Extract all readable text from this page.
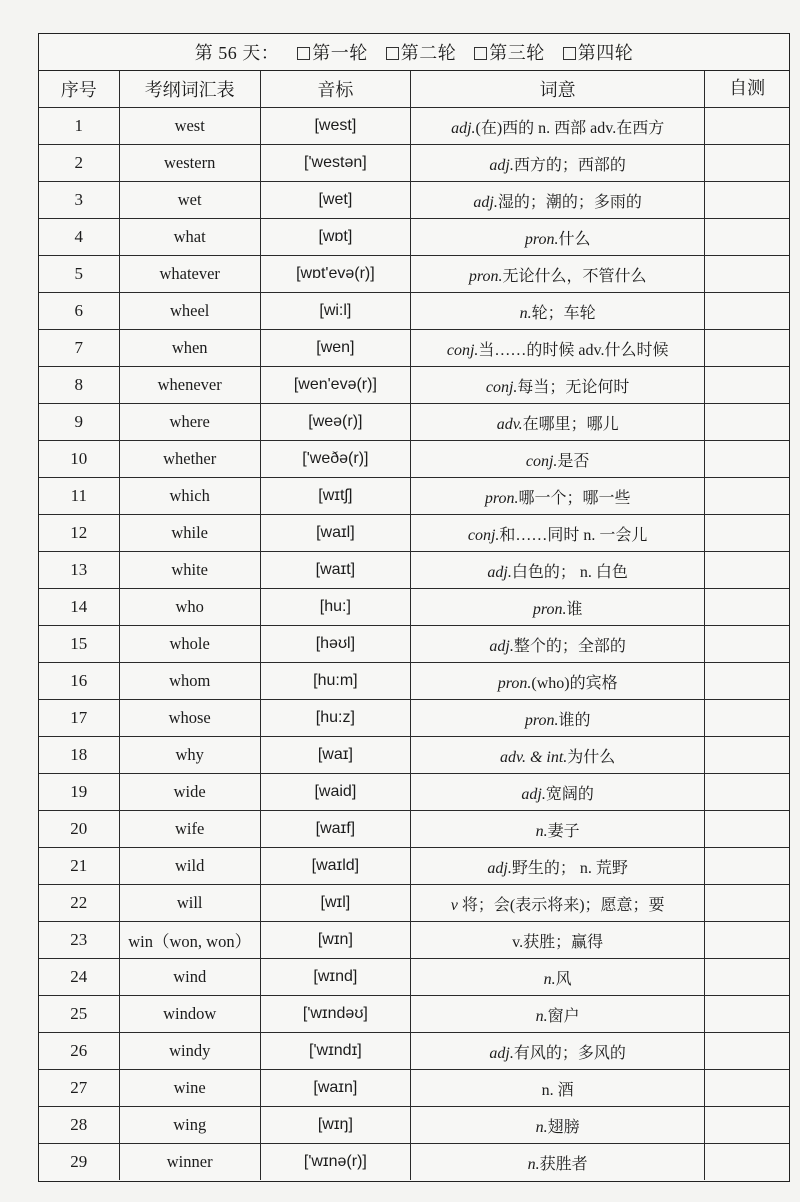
第 56 天：	第一轮	第二轮	第三轮	第四轮
序号	考纲词汇表	音标	词意	自测
1	west	[west]	adj.(在)西的 n. 西部 adv.在西方	
2	western	['westən]	adj.西方的；西部的	
3	wet	[wet]	adj.湿的；潮的；多雨的	
4	what	[wɒt]	pron.什么	
5	whatever	[wɒt'evə(r)]	pron.无论什么，不管什么	
6	wheel	[wi:l]	n.轮；车轮	
7	when	[wen]	conj.当……的时候 adv.什么时候	
8	whenever	[wen'evə(r)]	conj.每当；无论何时	
9	where	[weə(r)]	adv.在哪里；哪儿	
10	whether	['weðə(r)]	conj.是否	
11	which	[wɪtʃ]	pron.哪一个；哪一些	
12	while	[waɪl]	conj.和……同时 n. 一会儿	
13	white	[waɪt]	adj.白色的； n. 白色	
14	who	[hu:]	pron.谁	
15	whole	[həʊl]	adj.整个的；全部的	
16	whom	[hu:m]	pron.(who)的宾格	
17	whose	[hu:z]	pron.谁的	
18	why	[waɪ]	adv. & int.为什么	
19	wide	[waid]	adj.宽阔的	
20	wife	[waɪf]	n.妻子	
21	wild	[waɪld]	adj.野生的； n. 荒野	
22	will	[wɪl]	v 将；会(表示将来)；愿意；要	
23	win（won, won）	[wɪn]	v.获胜；赢得	
24	wind	[wɪnd]	n.风	
25	window	['wɪndəʊ]	n.窗户	
26	windy	['wɪndɪ]	adj.有风的；多风的	
27	wine	[waɪn]	n. 酒	
28	wing	[wɪŋ]	n.翅膀	
29	winner	['wɪnə(r)]	n.获胜者	
